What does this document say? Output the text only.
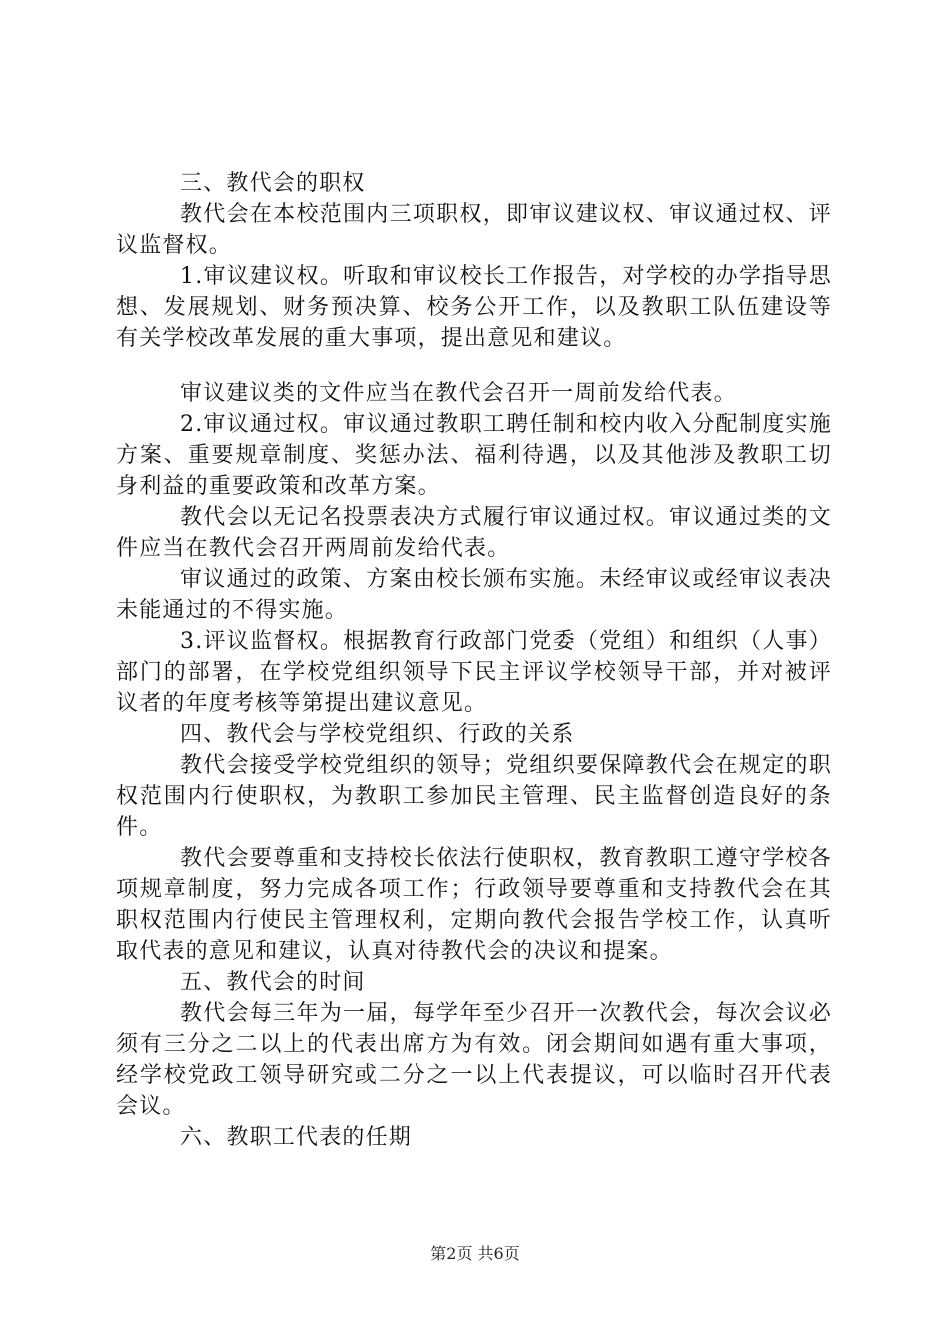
三、教代会的职权

教代会在本校范围内三项职权，即审议建议权、审议通过权、评议监督权。

1.审议建议权。听取和审议校长工作报告，对学校的办学指导思想、发展规划、财务预决算、校务公开工作，以及教职工队伍建设等有关学校改革发展的重大事项，提出意见和建议。

审议建议类的文件应当在教代会召开一周前发给代表。

2.审议通过权。审议通过教职工聘任制和校内收入分配制度实施方案、重要规章制度、奖惩办法、福利待遇，以及其他涉及教职工切身利益的重要政策和改革方案。

教代会以无记名投票表决方式履行审议通过权。审议通过类的文件应当在教代会召开两周前发给代表。

审议通过的政策、方案由校长颁布实施。未经审议或经审议表决未能通过的不得实施。

3.评议监督权。根据教育行政部门党委（党组）和组织（人事）部门的部署，在学校党组织领导下民主评议学校领导干部，并对被评议者的年度考核等第提出建议意见。

四、教代会与学校党组织、行政的关系

教代会接受学校党组织的领导；党组织要保障教代会在规定的职权范围内行使职权，为教职工参加民主管理、民主监督创造良好的条件。

教代会要尊重和支持校长依法行使职权，教育教职工遵守学校各项规章制度，努力完成各项工作；行政领导要尊重和支持教代会在其职权范围内行使民主管理权利，定期向教代会报告学校工作，认真听取代表的意见和建议，认真对待教代会的决议和提案。

五、教代会的时间

教代会每三年为一届，每学年至少召开一次教代会，每次会议必须有三分之二以上的代表出席方为有效。闭会期间如遇有重大事项，经学校党政工领导研究或二分之一以上代表提议，可以临时召开代表会议。

六、教职工代表的任期

第2页 共6页
